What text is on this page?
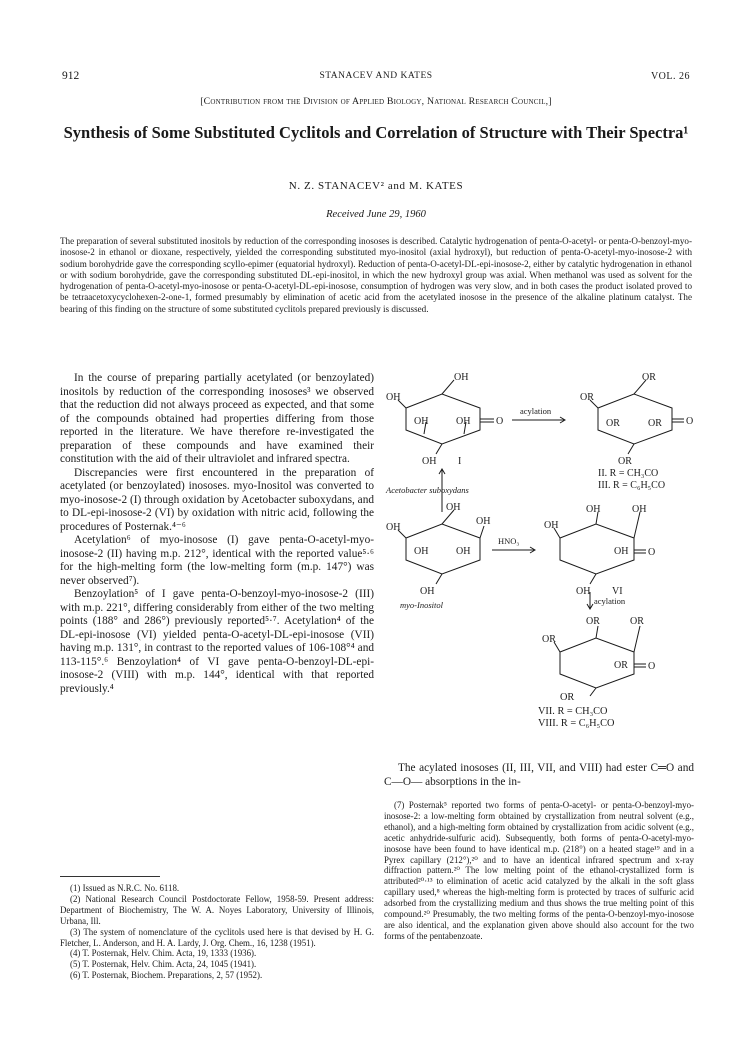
912	STANACEV AND KATES	VOL. 26
[Contribution from the Division of Applied Biology, National Research Council,]
Synthesis of Some Substituted Cyclitols and Correlation of Structure with Their Spectra¹
N. Z. STANACEV² and M. KATES
Received June 29, 1960
The preparation of several substituted inositols by reduction of the corresponding inososes is described. Catalytic hydrogenation of penta-O-acetyl- or penta-O-benzoyl-myo-inosose-2 in ethanol or dioxane, respectively, yielded the corresponding substituted myo-inositol (axial hydroxyl), but reduction of penta-O-acetyl-myo-inosose-2 with sodium borohydride gave the corresponding scyllo-epimer (equatorial hydroxyl). Reduction of penta-O-acetyl-DL-epi-inosose-2, either by catalytic hydrogenation in ethanol or with sodium borohydride, gave the corresponding substituted DL-epi-inositol, in which the new hydroxyl group was axial. When methanol was used as solvent for the hydrogenation of penta-O-acetyl-myo-inosose or penta-O-acetyl-DL-epi-inosose, consumption of hydrogen was very slow, and in both cases the product isolated proved to be tetraacetoxycyclohexen-2-one-1, formed presumably by elimination of acetic acid from the acetylated inosose in the presence of the alkaline platinum catalyst. The bearing of this finding on the structure of some substituted cyclitols prepared previously is discussed.

In the course of preparing partially acetylated (or benzoylated) inositols by reduction of the corresponding inososes³ we observed that the reduction did not always proceed as expected, and that some of the compounds obtained had properties differing from those reported in the literature. We have therefore re-investigated the preparation of these compounds and have examined their constitution with the aid of their ultraviolet and infrared spectra.

Discrepancies were first encountered in the preparation of acetylated (or benzoylated) inososes. myo-Inositol was converted to myo-inosose-2 (I) through oxidation by Acetobacter suboxydans, and to DL-epi-inosose-2 (VI) by oxidation with nitric acid, following the procedures of Posternak.⁴⁻⁶

Acetylation⁶ of myo-inosose (I) gave penta-O-acetyl-myo-inosose-2 (II) having m.p. 212°, identical with the reported value⁵·⁶ for the high-melting form (the low-melting form (m.p. 147°) was never observed⁷).

Benzoylation⁵ of I gave penta-O-benzoyl-myo-inosose-2 (III) with m.p. 221°, differing considerably from either of the two melting points (188° and 286°) previously reported⁵·⁷. Acetylation⁴ of the DL-epi-inosose (VI) yielded penta-O-acetyl-DL-epi-inosose (VII) having m.p. 131°, in contrast to the reported values of 106-108°⁴ and 113-115°.⁶ Benzoylation⁴ of VI gave penta-O-benzoyl-DL-epi-inosose-2 (VIII) with m.p. 144°, identical with that reported previously.⁴

(1) Issued as N.R.C. No. 6118.
(2) National Research Council Postdoctorate Fellow, 1958-59. Present address: Department of Biochemistry, The W. A. Noyes Laboratory, University of Illinois, Urbana, Ill.
(3) The system of nomenclature of the cyclitols used here is that devised by H. G. Fletcher, L. Anderson, and H. A. Lardy, J. Org. Chem., 16, 1238 (1951).
(4) T. Posternak, Helv. Chim. Acta, 19, 1333 (1936).
(5) T. Posternak, Helv. Chim. Acta, 24, 1045 (1941).
(6) T. Posternak, Biochem. Preparations, 2, 57 (1952).
OH
OH
OH	OH	O
OH I
acylation
OR
OR
OR	OR O
OR
II. R = CH₃CO
III. R = C₆H₅CO
Acetobacter suboxydans
OH
OH
OH
OH	OH
OH
myo-Inositol
HNO₃
OH	OH
OH
OH O
OH VI
acylation
OR	OR
OR
OR O
OR
VII. R = CH₃CO
VIII. R = C₆H₅CO
The acylated inososes (II, III, VII, and VIII) had ester C═O and C—O— absorptions in the in-
(7) Posternak⁵ reported two forms of penta-O-acetyl- or penta-O-benzoyl-myo-inosose-2: a low-melting form obtained by crystallization from neutral solvent (e.g., ethanol), and a high-melting form obtained by crystallization from acidic solvent (e.g., acetic anhydride-sulfuric acid). Subsequently, both forms of penta-O-acetyl-myo-inosose have been found to have identical m.p. (218°) on a heated stage¹⁹ and in a Pyrex capillary (212°),²⁰ and to have an identical infrared spectrum and x-ray diffraction pattern.²⁰ The low melting point of the ethanol-crystallized form is attributed²⁰·¹³ to elimination of acetic acid catalyzed by the alkali in the soft glass capillary used,⁸ whereas the high-melting form is protected by traces of sulfuric acid adsorbed from the crystallizing medium and thus shows the true melting point of this compound.²⁰ Presumably, the two melting forms of the penta-O-benzoyl-myo-inosose are also identical, and the explanation given above should also account for the two forms of the pentabenzoate.
